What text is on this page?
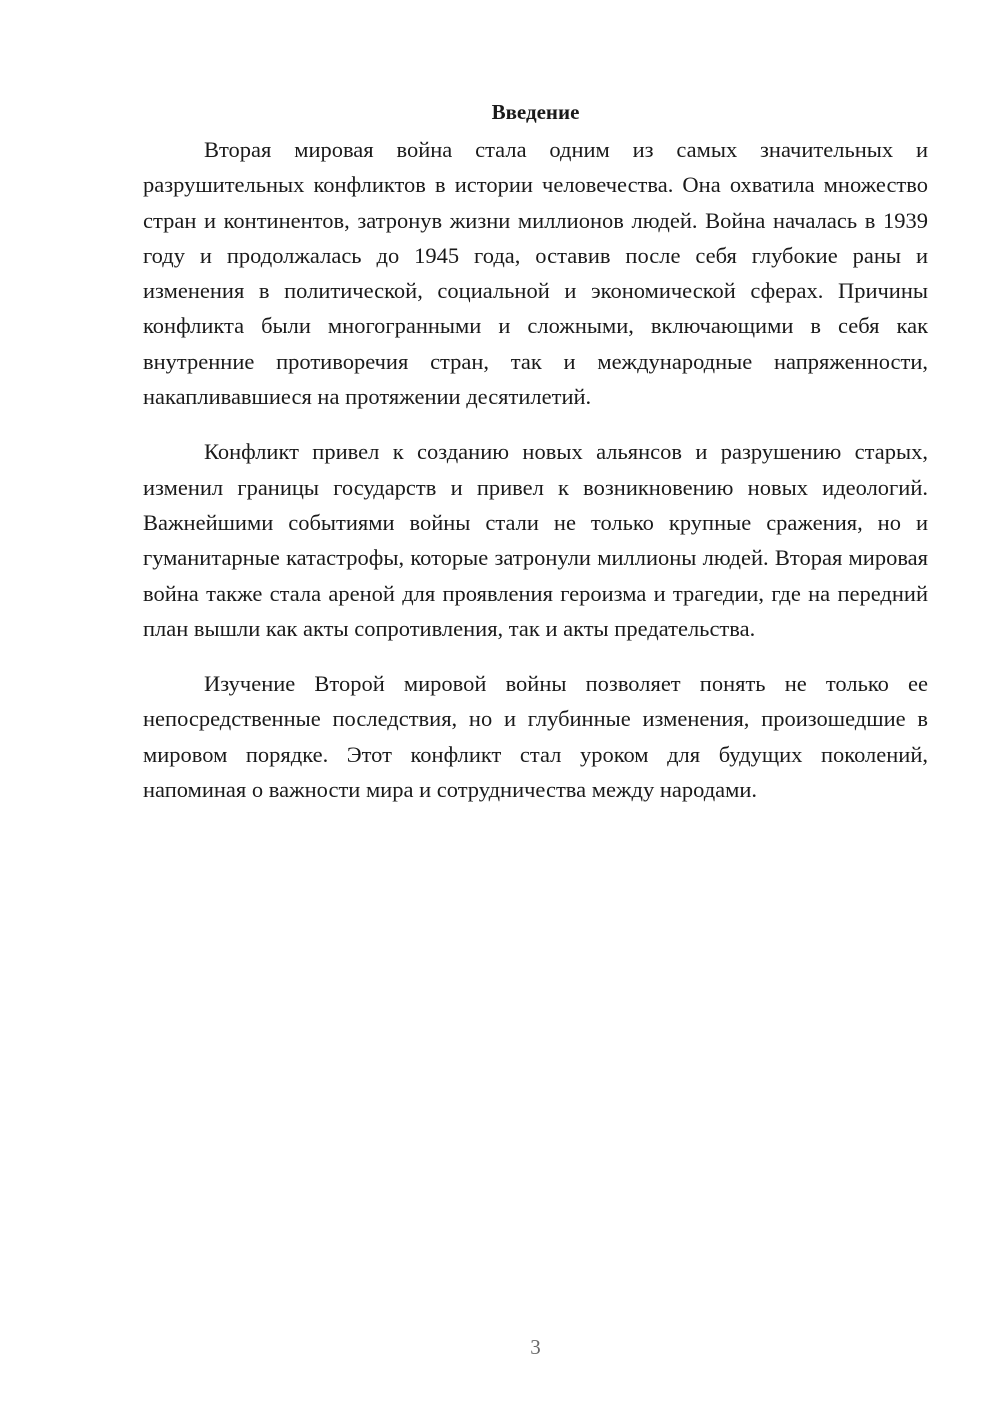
Введение

Вторая мировая война стала одним из самых значительных и разрушительных конфликтов в истории человечества. Она охватила множество стран и континентов, затронув жизни миллионов людей. Война началась в 1939 году и продолжалась до 1945 года, оставив после себя глубокие раны и изменения в политической, социальной и экономической сферах. Причины конфликта были многогранными и сложными, включающими в себя как внутренние противоречия стран, так и международные напряженности, накапливавшиеся на протяжении десятилетий.

Конфликт привел к созданию новых альянсов и разрушению старых, изменил границы государств и привел к возникновению новых идеологий. Важнейшими событиями войны стали не только крупные сражения, но и гуманитарные катастрофы, которые затронули миллионы людей. Вторая мировая война также стала ареной для проявления героизма и трагедии, где на передний план вышли как акты сопротивления, так и акты предательства.

Изучение Второй мировой войны позволяет понять не только ее непосредственные последствия, но и глубинные изменения, произошедшие в мировом порядке. Этот конфликт стал уроком для будущих поколений, напоминая о важности мира и сотрудничества между народами.

3
